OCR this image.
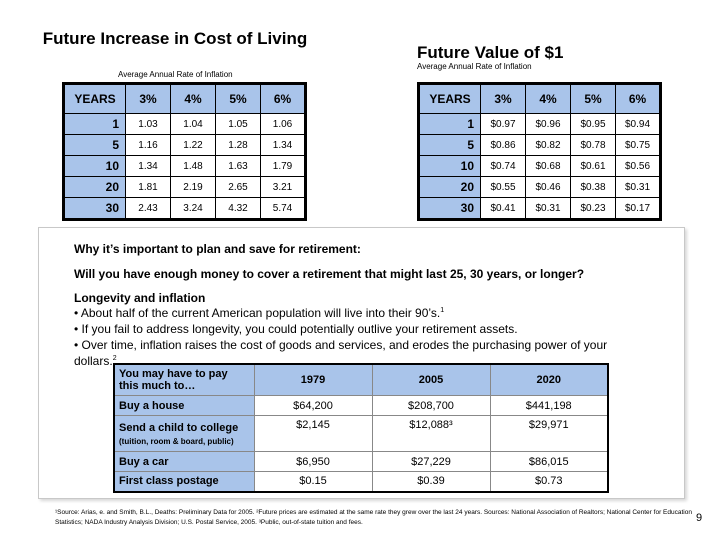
Future Increase in Cost of Living
Average Annual Rate of Inflation
Future Value of $1
Average Annual Rate of Inflation
YEARS	3%	4%	5%	6%
1	1.03	1.04	1.05	1.06
5	1.16	1.22	1.28	1.34
10	1.34	1.48	1.63	1.79
20	1.81	2.19	2.65	3.21
30	2.43	3.24	4.32	5.74
YEARS	3%	4%	5%	6%
1	$0.97	$0.96	$0.95	$0.94
5	$0.86	$0.82	$0.78	$0.75
10	$0.74	$0.68	$0.61	$0.56
20	$0.55	$0.46	$0.38	$0.31
30	$0.41	$0.31	$0.23	$0.17
Why it’s important to plan and save for retirement:
Will you have enough money to cover a retirement that might last 25, 30 years, or longer?
Longevity and inflation
• About half of the current American population will live into their 90’s.$^1$
• If you fail to address longevity, you could potentially outlive your retirement assets.
• Over time, inflation raises the cost of goods and services, and erodes the purchasing power of your
dollars.$^2$
You may have to pay this much to…	1979	2005	2020
Buy a house	$64,200	$208,700	$441,198

Send a child to college
(tuition, room & board, public)	$2,145	$12,088³	$29,971
Buy a car	$6,950	$27,229	$86,015
First class postage	$0.15	$0.39	$0.73
¹Source: Arias, e. and Smith, B.L., Deaths: Preliminary Data for 2005. ²Future prices are estimated at the same rate they grew over the last 24 years. Sources: National Association of Realtors; National Center for Education Statistics; NADA Industry Analysis Division; U.S. Postal Service, 2005. ³Public, out-of-state tuition and fees.	9
